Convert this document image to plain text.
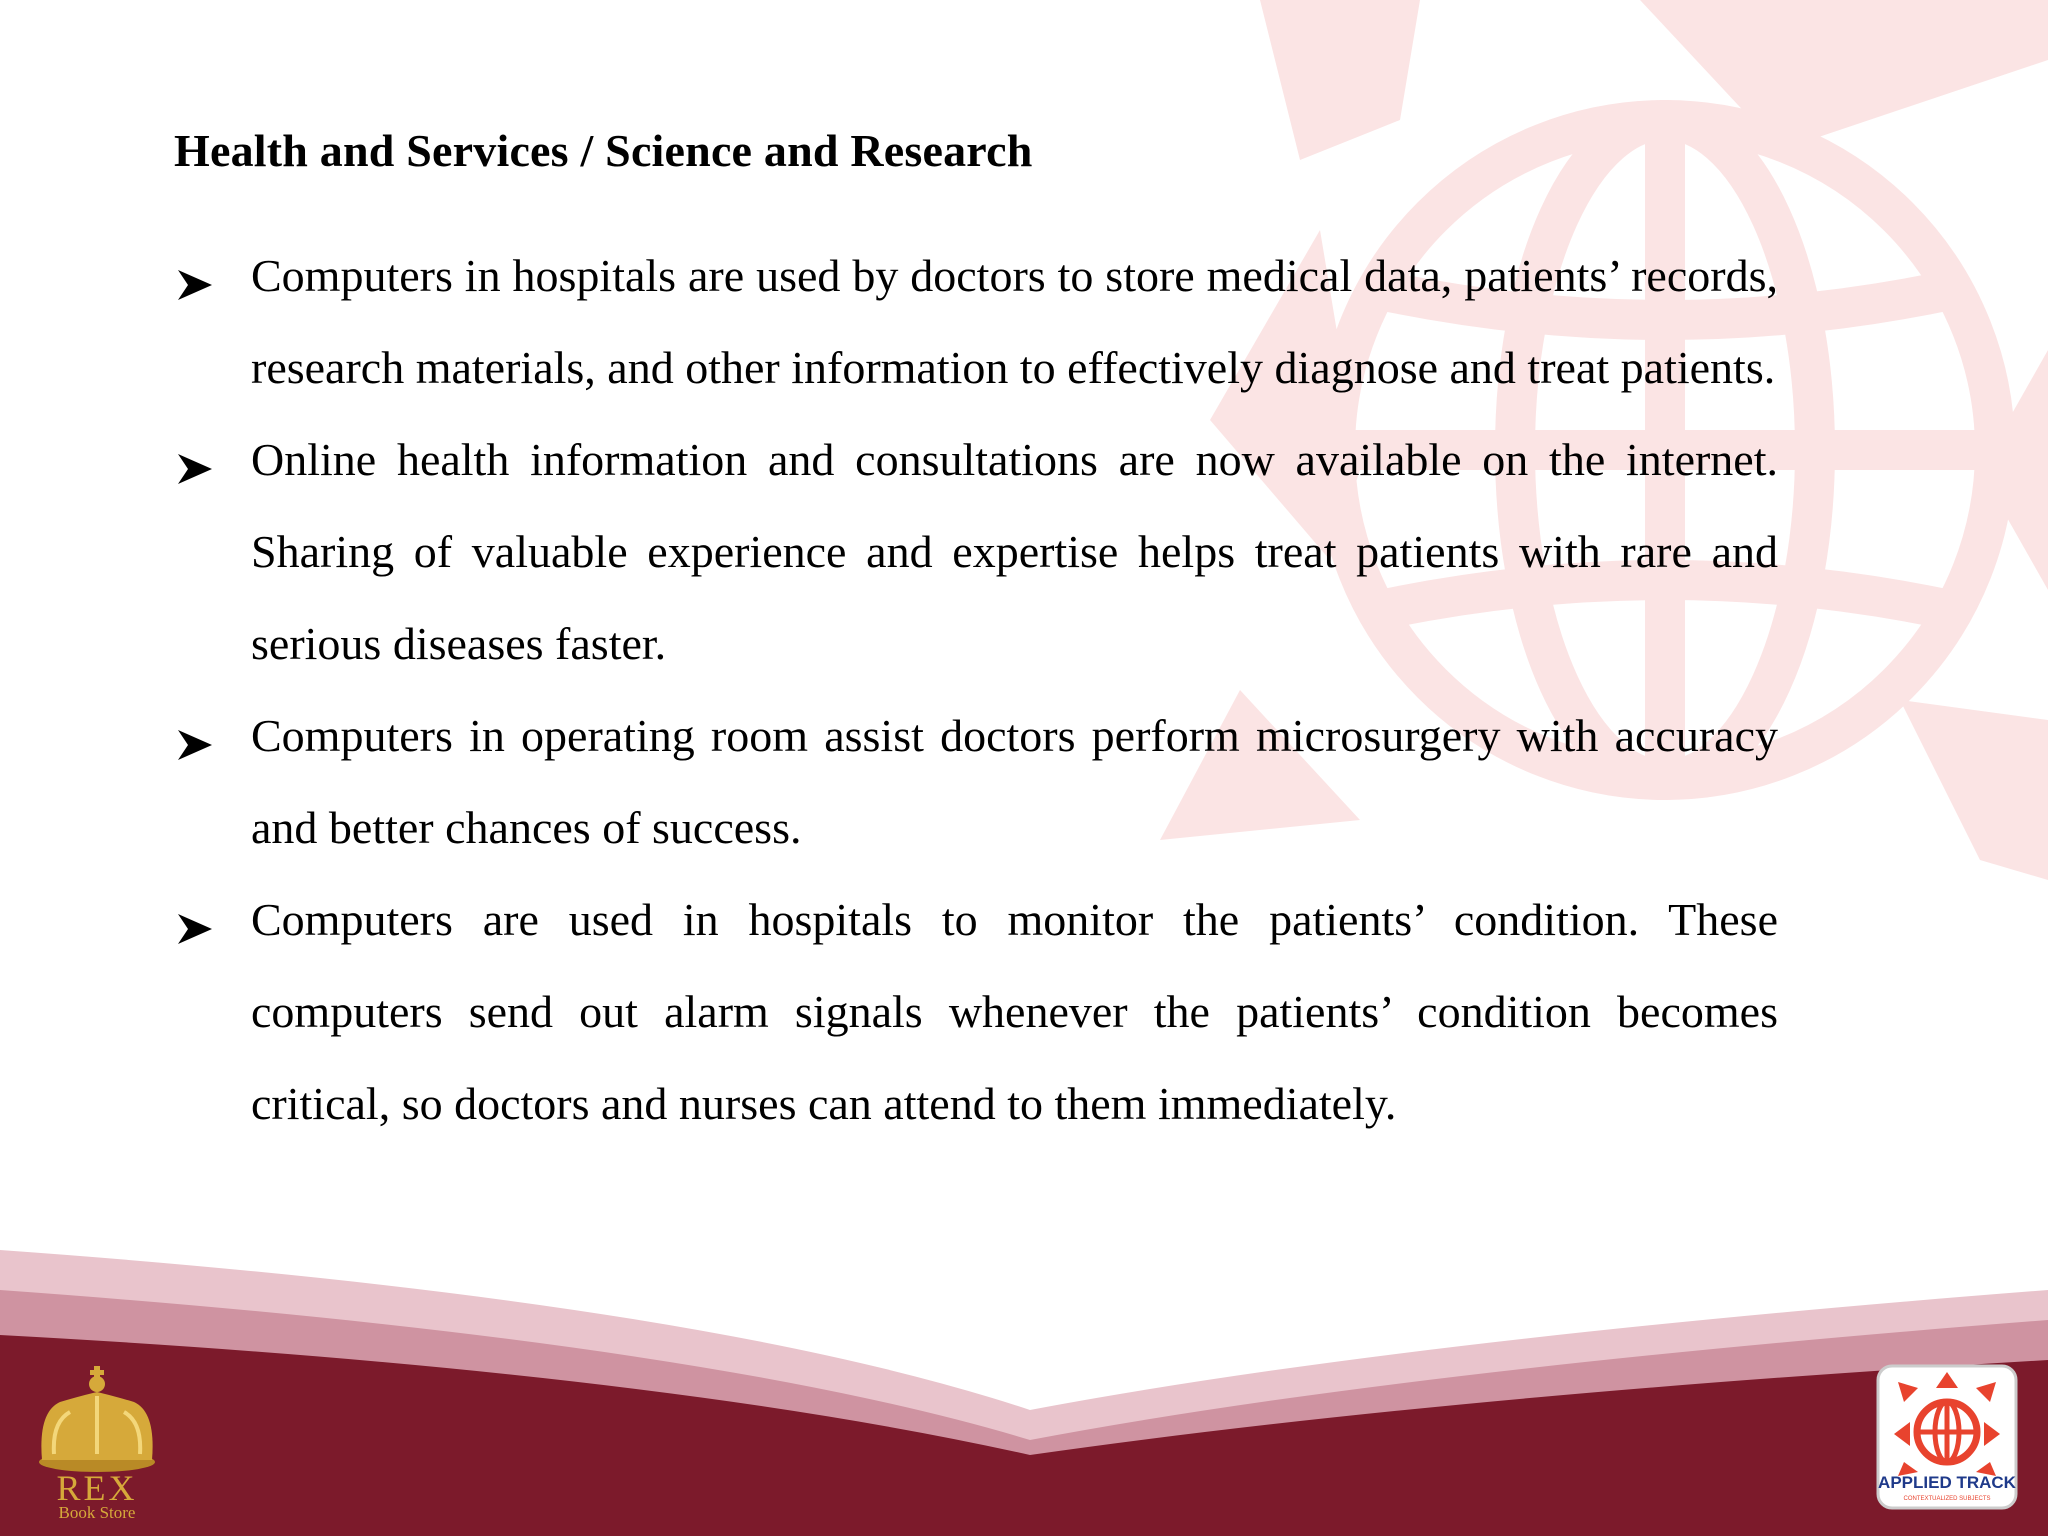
Health and Services / Science and Research
Computers in hospitals are used by doctors to store medical data, patients’ records, research materials, and other information to effectively diagnose and treat patients.
Online health information and consultations are now available on the internet. Sharing of valuable experience and expertise helps treat patients with rare and serious diseases faster.
Computers in operating room assist doctors perform microsurgery with accuracy and better chances of success.
Computers are used in hospitals to monitor the patients’ condition. These computers send out alarm signals whenever the patients’ condition becomes critical, so doctors and nurses can attend to them immediately.
REX
Book Store
APPLIED TRACK
CONTEXTUALIZED SUBJECTS
